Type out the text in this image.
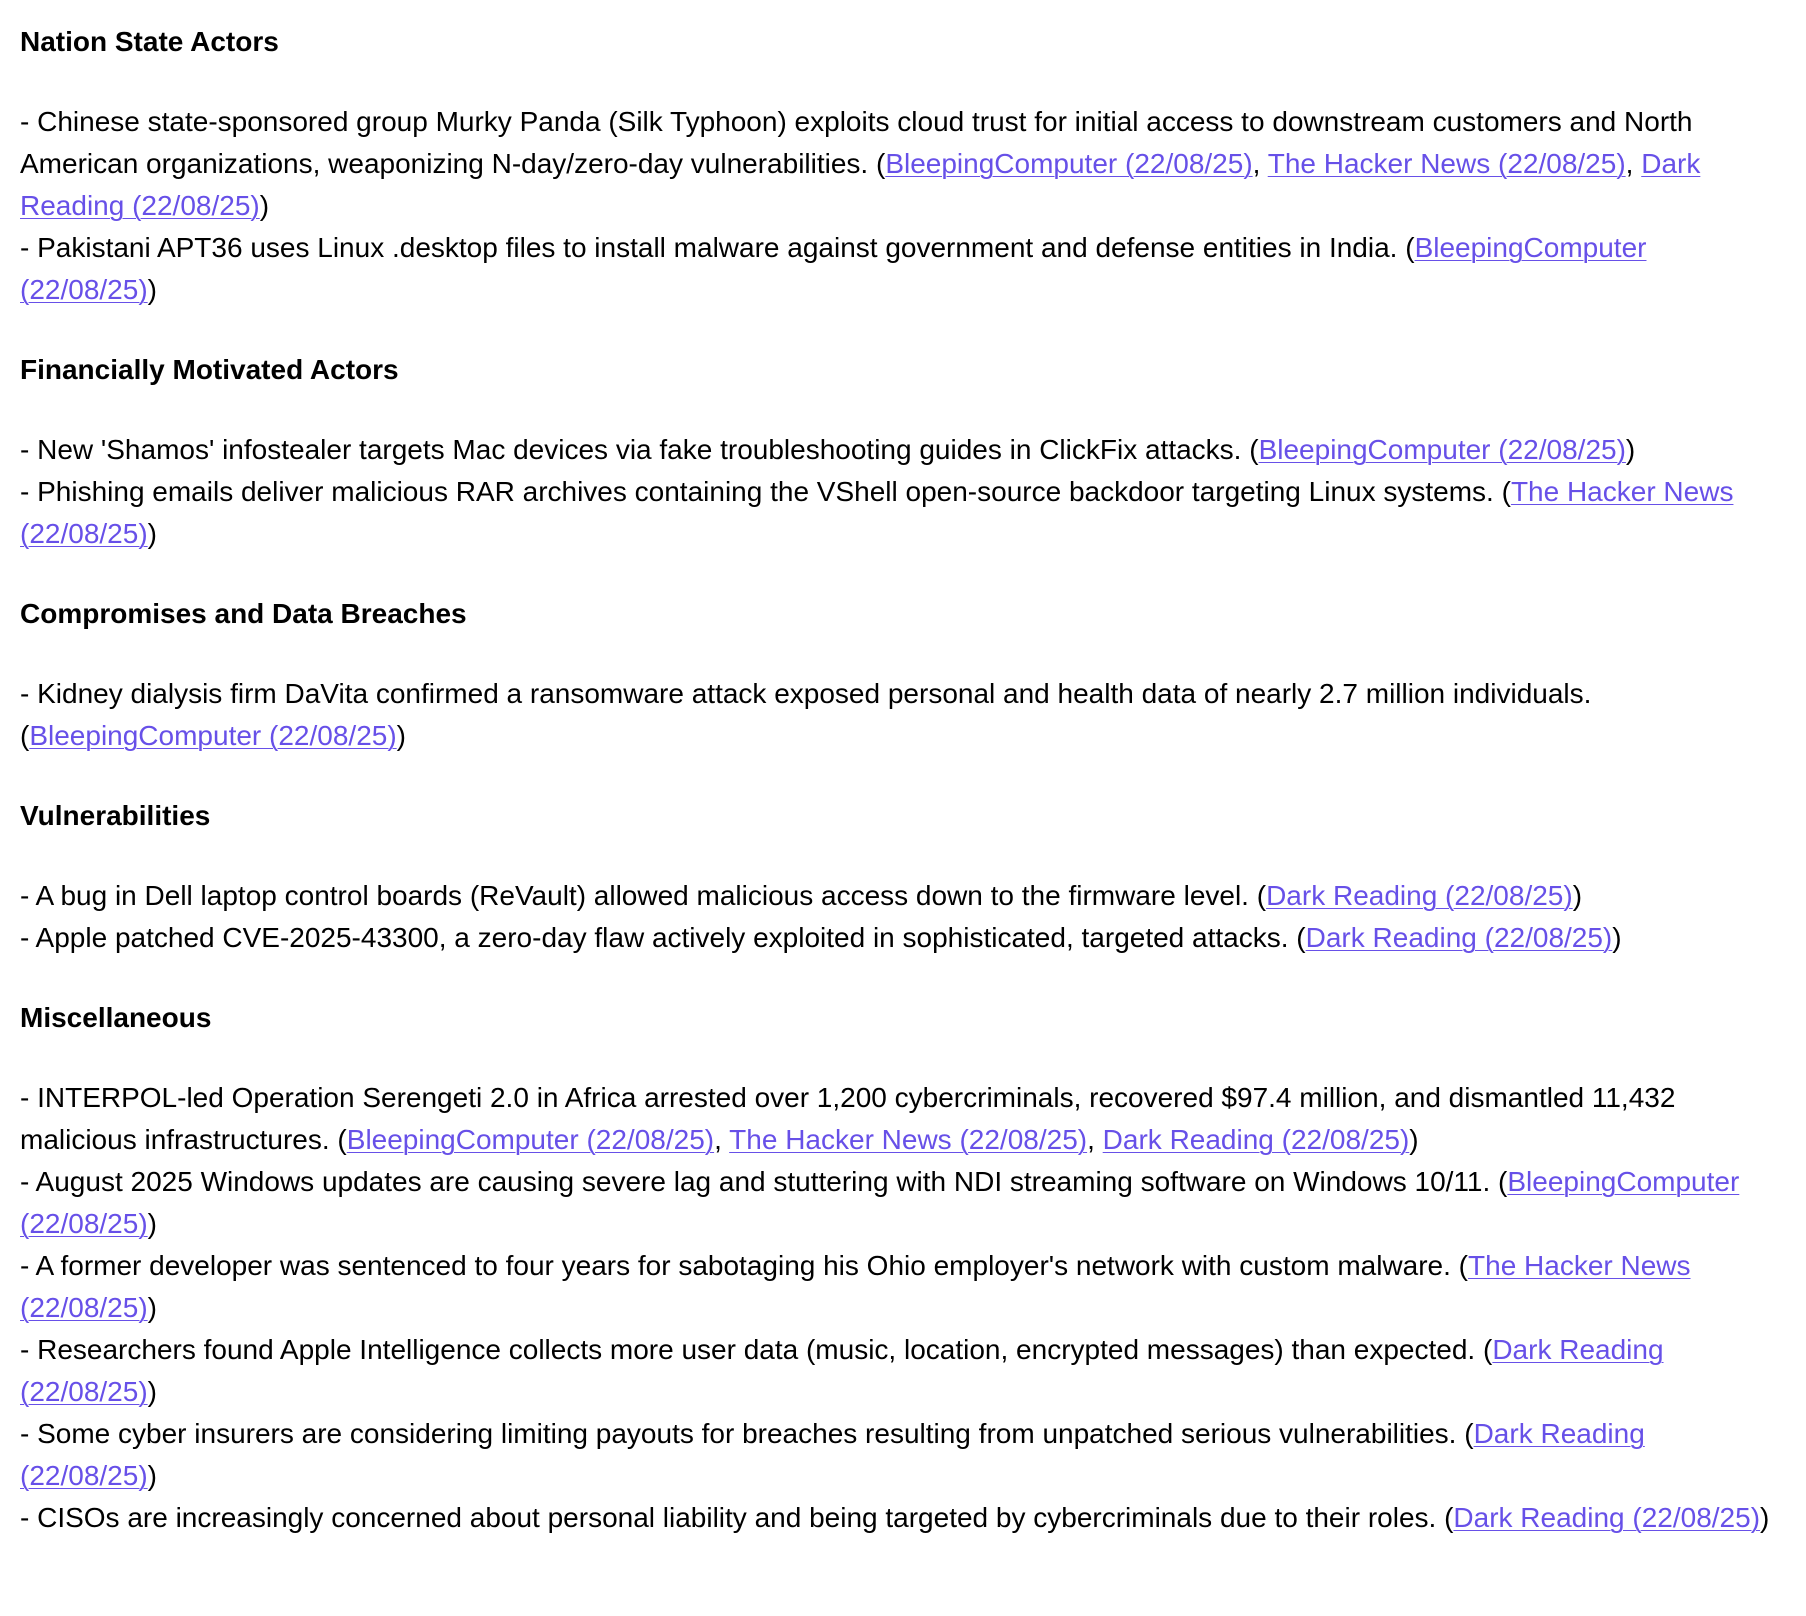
Nation State Actors

- Chinese state-sponsored group Murky Panda (Silk Typhoon) exploits cloud trust for initial access to downstream customers and North American organizations, weaponizing N-day/zero-day vulnerabilities. (BleepingComputer (22/08/25), The Hacker News (22/08/25), Dark Reading (22/08/25))

- Pakistani APT36 uses Linux .desktop files to install malware against government and defense entities in India. (BleepingComputer (22/08/25))

Financially Motivated Actors

- New 'Shamos' infostealer targets Mac devices via fake troubleshooting guides in ClickFix attacks. (BleepingComputer (22/08/25))

- Phishing emails deliver malicious RAR archives containing the VShell open-source backdoor targeting Linux systems. (The Hacker News (22/08/25))

Compromises and Data Breaches

- Kidney dialysis firm DaVita confirmed a ransomware attack exposed personal and health data of nearly 2.7 million individuals. (BleepingComputer (22/08/25))

Vulnerabilities

- A bug in Dell laptop control boards (ReVault) allowed malicious access down to the firmware level. (Dark Reading (22/08/25))

- Apple patched CVE-2025-43300, a zero-day flaw actively exploited in sophisticated, targeted attacks. (Dark Reading (22/08/25))

Miscellaneous

- INTERPOL-led Operation Serengeti 2.0 in Africa arrested over 1,200 cybercriminals, recovered $97.4 million, and dismantled 11,432 malicious infrastructures. (BleepingComputer (22/08/25), The Hacker News (22/08/25), Dark Reading (22/08/25))

- August 2025 Windows updates are causing severe lag and stuttering with NDI streaming software on Windows 10/11. (BleepingComputer (22/08/25))

- A former developer was sentenced to four years for sabotaging his Ohio employer's network with custom malware. (The Hacker News (22/08/25))

- Researchers found Apple Intelligence collects more user data (music, location, encrypted messages) than expected. (Dark Reading (22/08/25))

- Some cyber insurers are considering limiting payouts for breaches resulting from unpatched serious vulnerabilities. (Dark Reading (22/08/25))

- CISOs are increasingly concerned about personal liability and being targeted by cybercriminals due to their roles. (Dark Reading (22/08/25))
